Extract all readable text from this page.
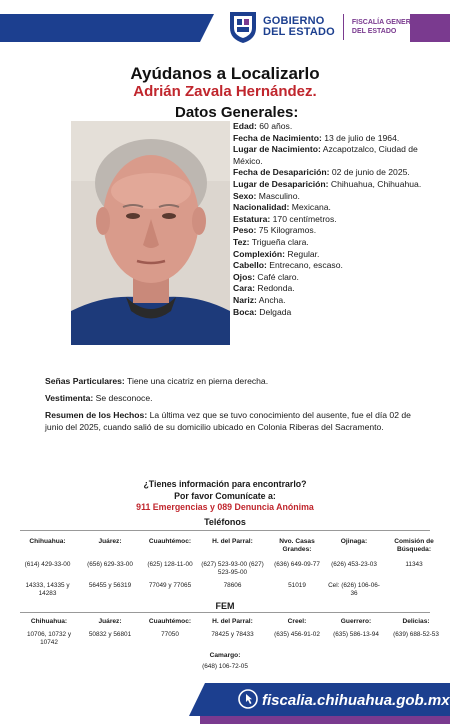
GOBIERNO
DEL ESTADO
FISCALÍA GENERAL
DEL ESTADO
Ayúdanos a Localizarlo
Adrián Zavala Hernández.
Datos Generales:
Edad: 60 años.
Fecha de Nacimiento: 13 de julio de 1964.
Lugar de Nacimiento: Azcapotzalco, Ciudad de México.
Fecha de Desaparición: 02 de junio de 2025.
Lugar de Desaparición: Chihuahua, Chihuahua.
Sexo: Masculino.
Nacionalidad: Mexicana.
Estatura: 170 centímetros.
Peso: 75 Kilogramos.
Tez: Trigueña clara.
Complexión: Regular.
Cabello: Entrecano, escaso.
Ojos: Café claro.
Cara: Redonda.
Nariz: Ancha.
Boca: Delgada
Señas Particulares: Tiene una cicatriz en pierna derecha.
Vestimenta: Se desconoce.
Resumen de los Hechos: La última vez que se tuvo conocimiento del ausente, fue el día 02 de junio del 2025, cuando salió de su domicilio ubicado en Colonia Riberas del Sacramento.
¿Tienes información para encontrarlo?
Por favor Comunícate a:
911 Emergencias y 089 Denuncia Anónima
Teléfonos
Chihuahua:
(614) 429-33-00
14333, 14335 y 14283
Juárez:
(656) 629-33-00
56455 y 56319
Cuauhtémoc:
(625) 128-11-00
77049 y 77065
H. del Parral:
(627) 523-93-00 (627) 523-95-00
78606
Nvo. Casas Grandes:
(636) 649-09-77
51019
Ojinaga:
(626) 453-23-03
Cel: (626) 106-06-36
Comisión de Búsqueda:
11343
FEM
Chihuahua:
10706, 10732 y 10742
Juárez:
50832 y 56801
Cuauhtémoc:
77050
H. del Parral:
78425 y 78433
Creel:
(635) 456-91-02
Guerrero:
(635) 586-13-94
Delicias:
(639) 688-52-53
Camargo:
(648) 106-72-05
fiscalia.chihuahua.gob.mx
